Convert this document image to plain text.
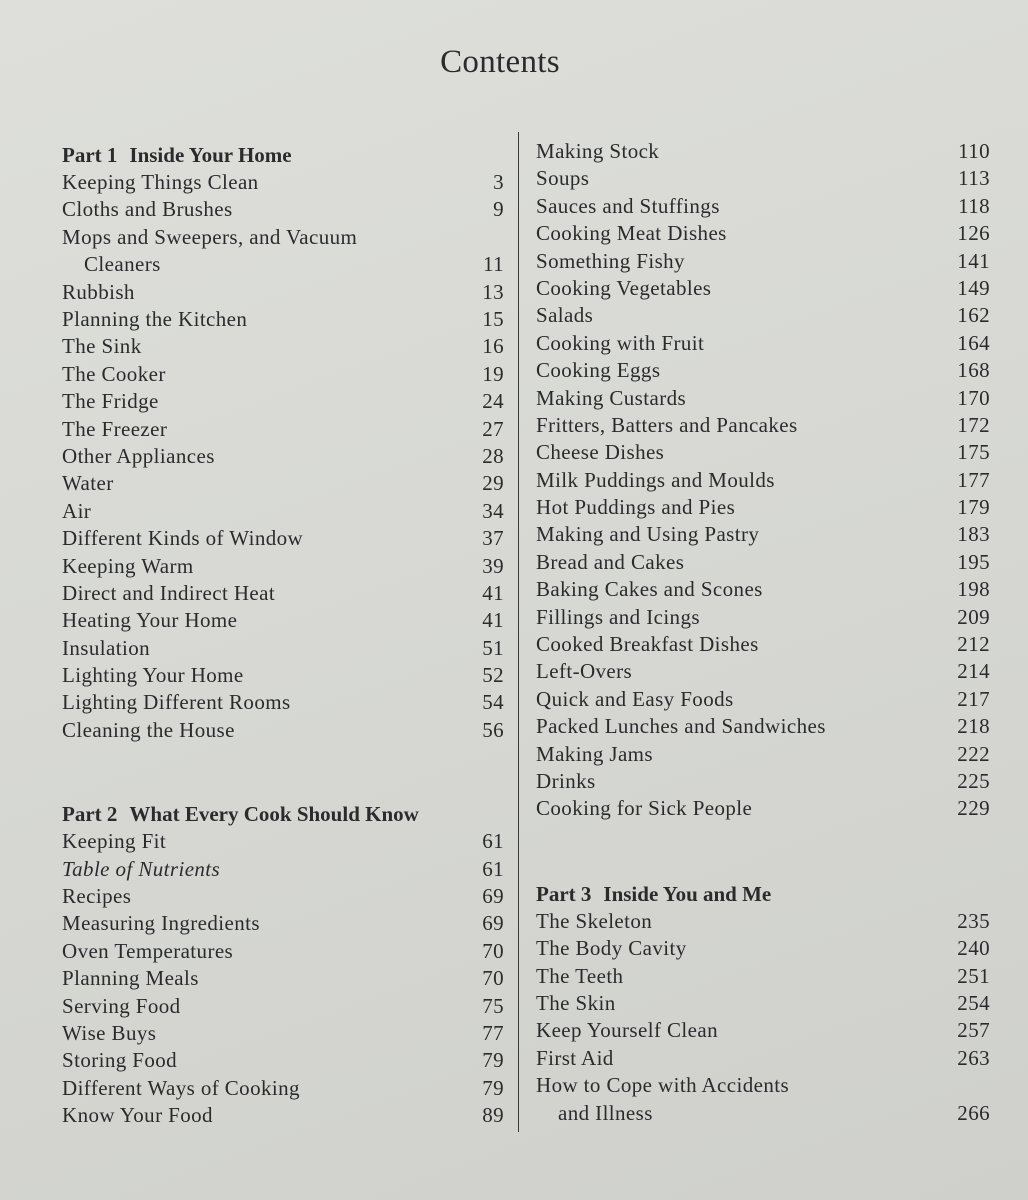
Contents
Part 1 Inside Your Home
Keeping Things Clean	3
Cloths and Brushes	9
Mops and Sweepers, and Vacuum
Cleaners	11
Rubbish	13
Planning the Kitchen	15
The Sink	16
The Cooker	19
The Fridge	24
The Freezer	27
Other Appliances	28
Water	29
Air	34
Different Kinds of Window	37
Keeping Warm	39
Direct and Indirect Heat	41
Heating Your Home	41
Insulation	51
Lighting Your Home	52
Lighting Different Rooms	54
Cleaning the House	56
Part 2 What Every Cook Should Know
Keeping Fit	61
Table of Nutrients	61
Recipes	69
Measuring Ingredients	69
Oven Temperatures	70
Planning Meals	70
Serving Food	75
Wise Buys	77
Storing Food	79
Different Ways of Cooking	79
Know Your Food	89
Making Stock	110
Soups	113
Sauces and Stuffings	118
Cooking Meat Dishes	126
Something Fishy	141
Cooking Vegetables	149
Salads	162
Cooking with Fruit	164
Cooking Eggs	168
Making Custards	170
Fritters, Batters and Pancakes	172
Cheese Dishes	175
Milk Puddings and Moulds	177
Hot Puddings and Pies	179
Making and Using Pastry	183
Bread and Cakes	195
Baking Cakes and Scones	198
Fillings and Icings	209
Cooked Breakfast Dishes	212
Left-Overs	214
Quick and Easy Foods	217
Packed Lunches and Sandwiches	218
Making Jams	222
Drinks	225
Cooking for Sick People	229
Part 3 Inside You and Me
The Skeleton	235
The Body Cavity	240
The Teeth	251
The Skin	254
Keep Yourself Clean	257
First Aid	263
How to Cope with Accidents
and Illness	266
